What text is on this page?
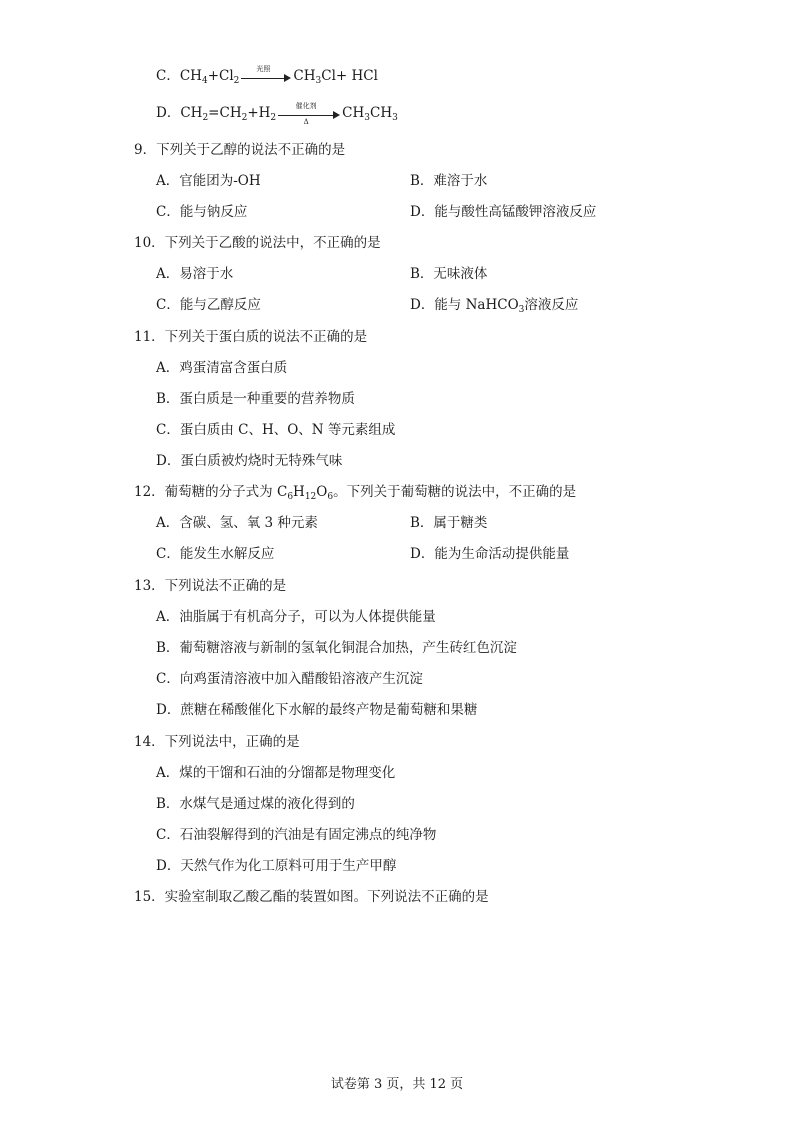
C．$CH_4+Cl_2$
光照	$CH_3Cl+$ HCl
D．$CH_2=CH_2+H_2$
催化剂
Δ
$CH_3CH_3$
9．下列关于乙醇的说法不正确的是
A．官能团为-OH	B．难溶于水
C．能与钠反应	D．能与酸性高锰酸钾溶液反应
10．下列关于乙酸的说法中，不正确的是
A．易溶于水	B．无味液体
C．能与乙醇反应	D．能与 NaHCO$_3$溶液反应
11．下列关于蛋白质的说法不正确的是
A．鸡蛋清富含蛋白质
B．蛋白质是一种重要的营养物质
C．蛋白质由 C、H、O、N 等元素组成
D．蛋白质被灼烧时无特殊气味
12．葡萄糖的分子式为 $C_6H_{12}O_6$。下列关于葡萄糖的说法中，不正确的是
A．含碳、氢、氧 3 种元素	B．属于糖类
C．能发生水解反应	D．能为生命活动提供能量
13．下列说法不正确的是
A．油脂属于有机高分子，可以为人体提供能量
B．葡萄糖溶液与新制的氢氧化铜混合加热，产生砖红色沉淀
C．向鸡蛋清溶液中加入醋酸铅溶液产生沉淀
D．蔗糖在稀酸催化下水解的最终产物是葡萄糖和果糖
14．下列说法中，正确的是
A．煤的干馏和石油的分馏都是物理变化
B．水煤气是通过煤的液化得到的
C．石油裂解得到的汽油是有固定沸点的纯净物
D．天然气作为化工原料可用于生产甲醇
15．实验室制取乙酸乙酯的装置如图。下列说法不正确的是
试卷第 3 页，共 12 页
